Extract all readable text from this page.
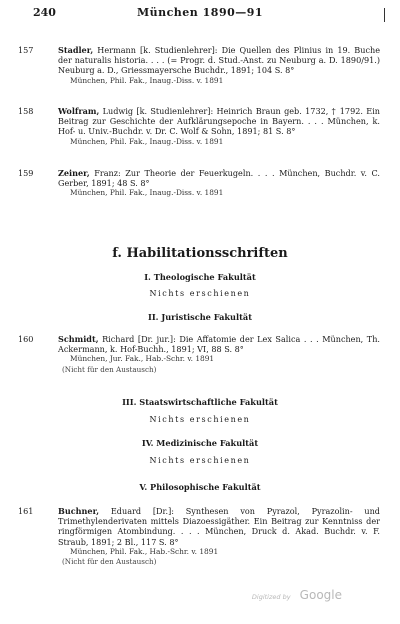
240	München 1890—91
157	Stadler, Hermann [k. Studienlehrer]: Die Quellen des Plinius in 19. Buche der naturalis historia. . . . (= Progr. d. Stud.-Anst. zu Neuburg a. D. 1890/91.) Neuburg a. D., Griessmayersche Buchdr., 1891; 104 S. 8°
München, Phil. Fak., Inaug.-Diss. v. 1891
158	Wolfram, Ludwig [k. Studienlehrer]: Heinrich Braun geb. 1732, † 1792. Ein Beitrag zur Geschichte der Aufklärungsepoche in Bayern. . . . München, k. Hof- u. Univ.-Buchdr. v. Dr. C. Wolf & Sohn, 1891; 81 S. 8°
München, Phil. Fak., Inaug.-Diss. v. 1891
159	Zeiner, Franz: Zur Theorie der Feuerkugeln. . . . München, Buchdr. v. C. Gerber, 1891; 48 S. 8°
München, Phil. Fak., Inaug.-Diss. v. 1891
f. Habilitationsschriften
I. Theologische Fakultät
Nichts erschienen
II. Juristische Fakultät
160	Schmidt, Richard [Dr. jur.]: Die Affatomie der Lex Salica . . . München, Th. Ackermann, k. Hof-Buchh., 1891; VI, 88 S. 8°
München, Jur. Fak., Hab.-Schr. v. 1891
(Nicht für den Austausch)
III. Staatswirtschaftliche Fakultät
Nichts erschienen
IV. Medizinische Fakultät
Nichts erschienen
V. Philosophische Fakultät
161	Buchner, Eduard [Dr.]: Synthesen von Pyrazol, Pyrazolin- und Trimethylenderivaten mittels Diazoessigäther. Ein Beitrag zur Kenntniss der ringförmigen Atombindung. . . . München, Druck d. Akad. Buchdr. v. F. Straub, 1891; 2 Bl., 117 S. 8°
München, Phil. Fak., Hab.-Schr. v. 1891
(Nicht für den Austausch)
Digitized by Google
